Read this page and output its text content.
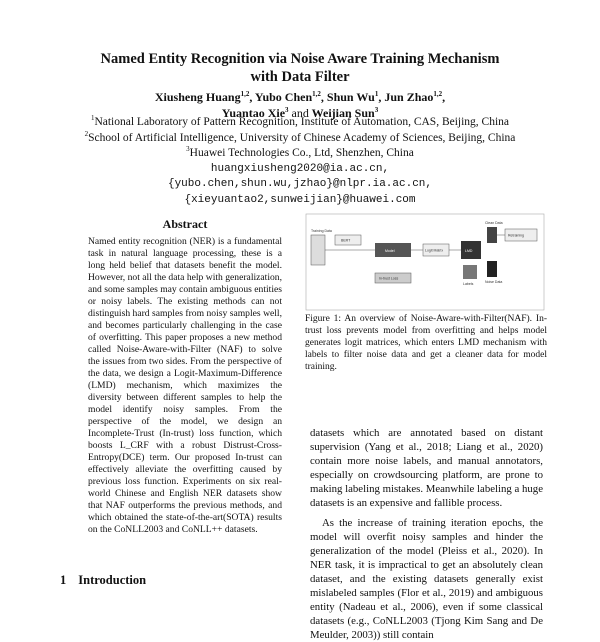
Named Entity Recognition via Noise Aware Training Mechanism
with Data Filter
Xiusheng Huang$^{1,2}$, Yubo Chen$^{1,2}$, Shun Wu$^1$, Jun Zhao$^{1,2}$,
Yuantao Xie$^3$ and Weijian Sun$^3$
$^1$National Laboratory of Pattern Recognition, Institute of Automation, CAS, Beijing, China
$^2$School of Artificial Intelligence, University of Chinese Academy of Sciences, Beijing, China
$^3$Huawei Technologies Co., Ltd, Shenzhen, China
huangxiusheng2020@ia.ac.cn,
{yubo.chen,shun.wu,jzhao}@nlpr.ia.ac.cn,
{xieyuantao2,sunweijian}@huawei.com
Abstract
Named entity recognition (NER) is a fundamental task in natural language processing, these is a long held belief that datasets benefit the model. However, not all the data help with generalization, and some samples may contain ambiguous entities or noisy labels. The existing methods can not distinguish hard samples from noisy samples well, and becomes particularly challenging in the case of overfitting. This paper proposes a new method called Noise-Aware-with-Filter (NAF) to solve the issues from two sides. From the perspective of the data, we design a Logit-Maximum-Difference (LMD) mechanism, which maximizes the diversity between different samples to help the model identify noisy samples. From the perspective of the model, we design an Incomplete-Trust (In-trust) loss function, which boosts L_CRF with a robust Distrust-Cross-Entropy(DCE) term. Our proposed In-trust can effectively alleviate the overfitting caused by previous loss function. Experiments on six real-world Chinese and English NER datasets show that NAF outperforms the previous methods, and which obtained the state-of-the-art(SOTA) results on the CoNLL2003 and CoNLL++ datasets.
1 Introduction
Training Data
BERT
Model	Logit Matrix
In-trust Loss
LMD
Labels
Clean Data
Noise Data
Retraining
Figure 1: An overview of Noise-Aware-with-Filter(NAF). In-trust loss prevents model from overfitting and helps model generates logit matrices, which enters LMD mechanism with labels to filter noise data and get a cleaner data for model training.

datasets which are annotated based on distant supervision (Yang et al., 2018; Liang et al., 2020) contain more noise labels, and manual annotators, especially on crowdsourcing platform, are prone to making labeling mistakes. Meanwhile labeling a huge datasets is an expensive and fallible process.

As the increase of training iteration epochs, the model will overfit noisy samples and hinder the generalization of the model (Pleiss et al., 2020). In NER task, it is impractical to get an absolutely clean dataset, and the existing datasets generally exist mislabeled samples (Flor et al., 2019) and ambiguous entity (Nadeau et al., 2006), even if some classical datasets (e.g., CoNLL2003 (Tjong Kim Sang and De Meulder, 2003)) still contain
